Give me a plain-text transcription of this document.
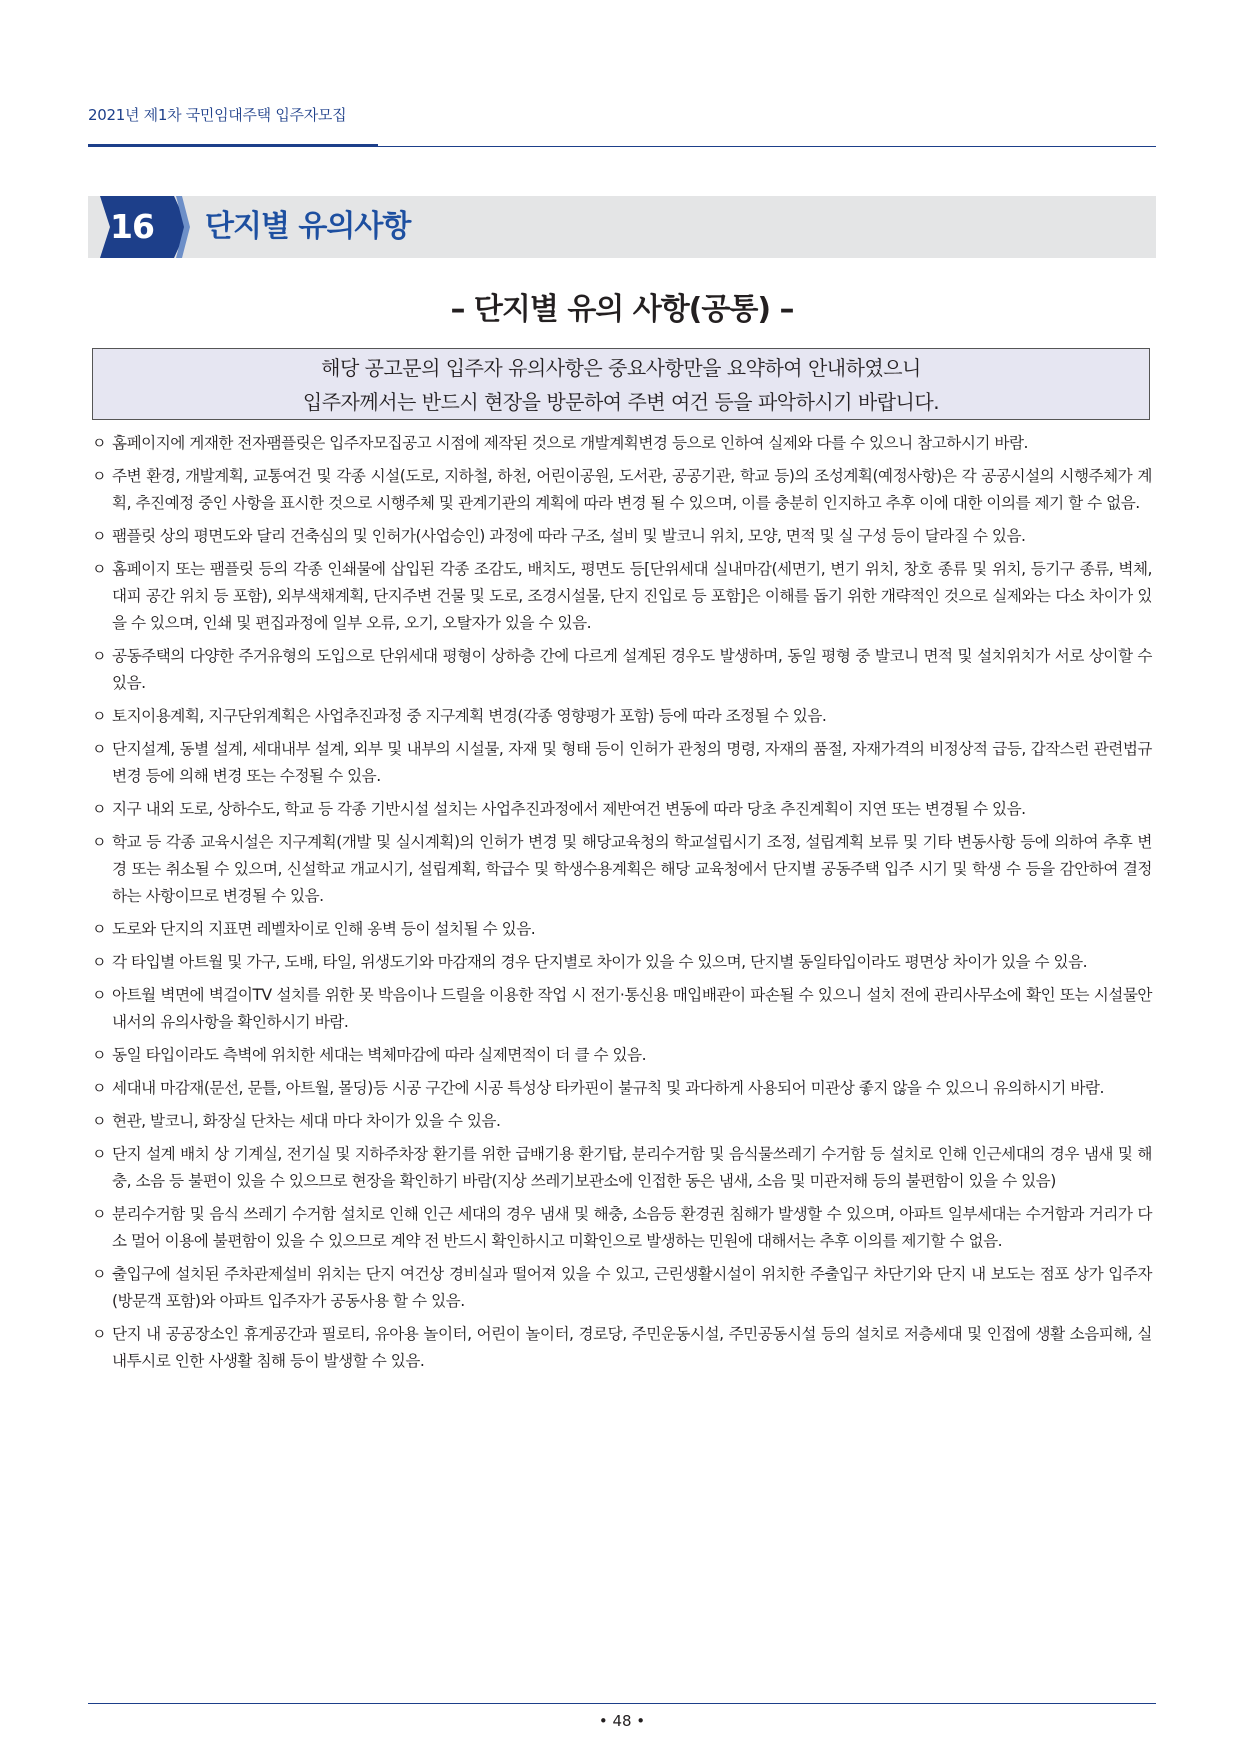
2021년 제1차 국민임대주택 입주자모집
16	단지별 유의사항
– 단지별 유의 사항(공통) –
해당 공고문의 입주자 유의사항은 중요사항만을 요약하여 안내하였으니
입주자께서는 반드시 현장을 방문하여 주변 여건 등을 파악하시기 바랍니다.
ㅇ 홈페이지에 게재한 전자팸플릿은 입주자모집공고 시점에 제작된 것으로 개발계획변경 등으로 인하여 실제와 다를 수 있으니 참고하시기 바람.
ㅇ 주변 환경, 개발계획, 교통여건 및 각종 시설(도로, 지하철, 하천, 어린이공원, 도서관, 공공기관, 학교 등)의 조성계획(예정사항)은 각 공공시설의 시행주체가 계획, 추진예정 중인 사항을 표시한 것으로 시행주체 및 관계기관의 계획에 따라 변경 될 수 있으며, 이를 충분히 인지하고 추후 이에 대한 이의를 제기 할 수 없음.
ㅇ 팸플릿 상의 평면도와 달리 건축심의 및 인허가(사업승인) 과정에 따라 구조, 설비 및 발코니 위치, 모양, 면적 및 실 구성 등이 달라질 수 있음.
ㅇ 홈페이지 또는 팸플릿 등의 각종 인쇄물에 삽입된 각종 조감도, 배치도, 평면도 등[단위세대 실내마감(세면기, 변기 위치, 창호 종류 및 위치, 등기구 종류, 벽체, 대피 공간 위치 등 포함), 외부색채계획, 단지주변 건물 및 도로, 조경시설물, 단지 진입로 등 포함]은 이해를 돕기 위한 개략적인 것으로 실제와는 다소 차이가 있을 수 있으며, 인쇄 및 편집과정에 일부 오류, 오기, 오탈자가 있을 수 있음.
ㅇ 공동주택의 다양한 주거유형의 도입으로 단위세대 평형이 상하층 간에 다르게 설계된 경우도 발생하며, 동일 평형 중 발코니 면적 및 설치위치가 서로 상이할 수 있음.
ㅇ 토지이용계획, 지구단위계획은 사업추진과정 중 지구계획 변경(각종 영향평가 포함) 등에 따라 조정될 수 있음.
ㅇ 단지설계, 동별 설계, 세대내부 설계, 외부 및 내부의 시설물, 자재 및 형태 등이 인허가 관청의 명령, 자재의 품절, 자재가격의 비정상적 급등, 갑작스런 관련법규 변경 등에 의해 변경 또는 수정될 수 있음.
ㅇ 지구 내외 도로, 상하수도, 학교 등 각종 기반시설 설치는 사업추진과정에서 제반여건 변동에 따라 당초 추진계획이 지연 또는 변경될 수 있음.
ㅇ 학교 등 각종 교육시설은 지구계획(개발 및 실시계획)의 인허가 변경 및 해당교육청의 학교설립시기 조정, 설립계획 보류 및 기타 변동사항 등에 의하여 추후 변경 또는 취소될 수 있으며, 신설학교 개교시기, 설립계획, 학급수 및 학생수용계획은 해당 교육청에서 단지별 공동주택 입주 시기 및 학생 수 등을 감안하여 결정하는 사항이므로 변경될 수 있음.
ㅇ 도로와 단지의 지표면 레벨차이로 인해 옹벽 등이 설치될 수 있음.
ㅇ 각 타입별 아트월 및 가구, 도배, 타일, 위생도기와 마감재의 경우 단지별로 차이가 있을 수 있으며, 단지별 동일타입이라도 평면상 차이가 있을 수 있음.
ㅇ 아트월 벽면에 벽걸이TV 설치를 위한 못 박음이나 드릴을 이용한 작업 시 전기·통신용 매입배관이 파손될 수 있으니 설치 전에 관리사무소에 확인 또는 시설물안내서의 유의사항을 확인하시기 바람.
ㅇ 동일 타입이라도 측벽에 위치한 세대는 벽체마감에 따라 실제면적이 더 클 수 있음.
ㅇ 세대내 마감재(문선, 문틀, 아트월, 몰딩)등 시공 구간에 시공 특성상 타카핀이 불규칙 및 과다하게 사용되어 미관상 좋지 않을 수 있으니 유의하시기 바람.
ㅇ 현관, 발코니, 화장실 단차는 세대 마다 차이가 있을 수 있음.
ㅇ 단지 설계 배치 상 기계실, 전기실 및 지하주차장 환기를 위한 급배기용 환기탑, 분리수거함 및 음식물쓰레기 수거함 등 설치로 인해 인근세대의 경우 냄새 및 해충, 소음 등 불편이 있을 수 있으므로 현장을 확인하기 바람(지상 쓰레기보관소에 인접한 동은 냄새, 소음 및 미관저해 등의 불편함이 있을 수 있음)
ㅇ 분리수거함 및 음식 쓰레기 수거함 설치로 인해 인근 세대의 경우 냄새 및 해충, 소음등 환경권 침해가 발생할 수 있으며, 아파트 일부세대는 수거함과 거리가 다소 멀어 이용에 불편함이 있을 수 있으므로 계약 전 반드시 확인하시고 미확인으로 발생하는 민원에 대해서는 추후 이의를 제기할 수 없음.
ㅇ 출입구에 설치된 주차관제설비 위치는 단지 여건상 경비실과 떨어져 있을 수 있고, 근린생활시설이 위치한 주출입구 차단기와 단지 내 보도는 점포 상가 입주자(방문객 포함)와 아파트 입주자가 공동사용 할 수 있음.
ㅇ 단지 내 공공장소인 휴게공간과 필로티, 유아용 놀이터, 어린이 놀이터, 경로당, 주민운동시설, 주민공동시설 등의 설치로 저층세대 및 인접에 생활 소음피해, 실내투시로 인한 사생활 침해 등이 발생할 수 있음.
• 48 •
